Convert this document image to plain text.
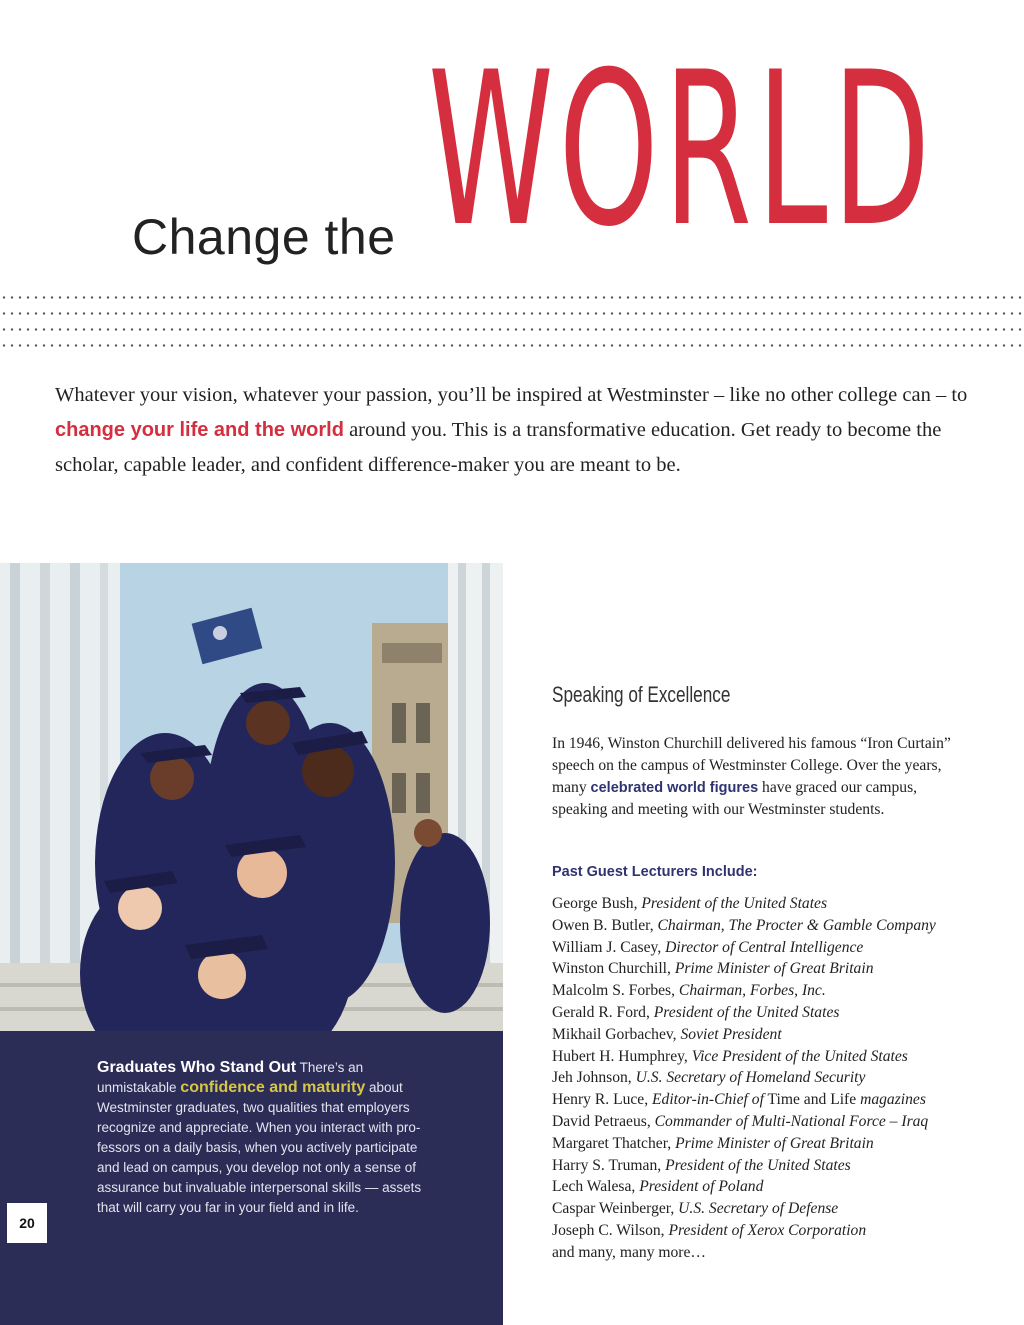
Change the WORLD
Whatever your vision, whatever your passion, you’ll be inspired at Westminster – like no other college can – to change your life and the world around you. This is a transformative education. Get ready to become the scholar, capable leader, and confident difference-maker you are meant to be.
Graduates Who Stand Out There’s an unmistakable confidence and maturity about Westminster graduates, two qualities that employers recognize and appreciate. When you interact with pro-fessors on a daily basis, when you actively participate and lead on campus, you develop not only a sense of assurance but invaluable interpersonal skills — assets that will carry you far in your field and in life.
20
Speaking of Excellence
In 1946, Winston Churchill delivered his famous “Iron Curtain” speech on the campus of Westminster College. Over the years, many celebrated world figures have graced our campus, speaking and meeting with our Westminster students.
Past Guest Lecturers Include:
George Bush, President of the United States
Owen B. Butler, Chairman, The Procter & Gamble Company
William J. Casey, Director of Central Intelligence
Winston Churchill, Prime Minister of Great Britain
Malcolm S. Forbes, Chairman, Forbes, Inc.
Gerald R. Ford, President of the United States
Mikhail Gorbachev, Soviet President
Hubert H. Humphrey, Vice President of the United States
Jeh Johnson, U.S. Secretary of Homeland Security
Henry R. Luce, Editor-in-Chief of Time and Life magazines
David Petraeus, Commander of Multi-National Force – Iraq
Margaret Thatcher, Prime Minister of Great Britain
Harry S. Truman, President of the United States
Lech Walesa, President of Poland
Caspar Weinberger, U.S. Secretary of Defense
Joseph C. Wilson, President of Xerox Corporation
and many, many more…
